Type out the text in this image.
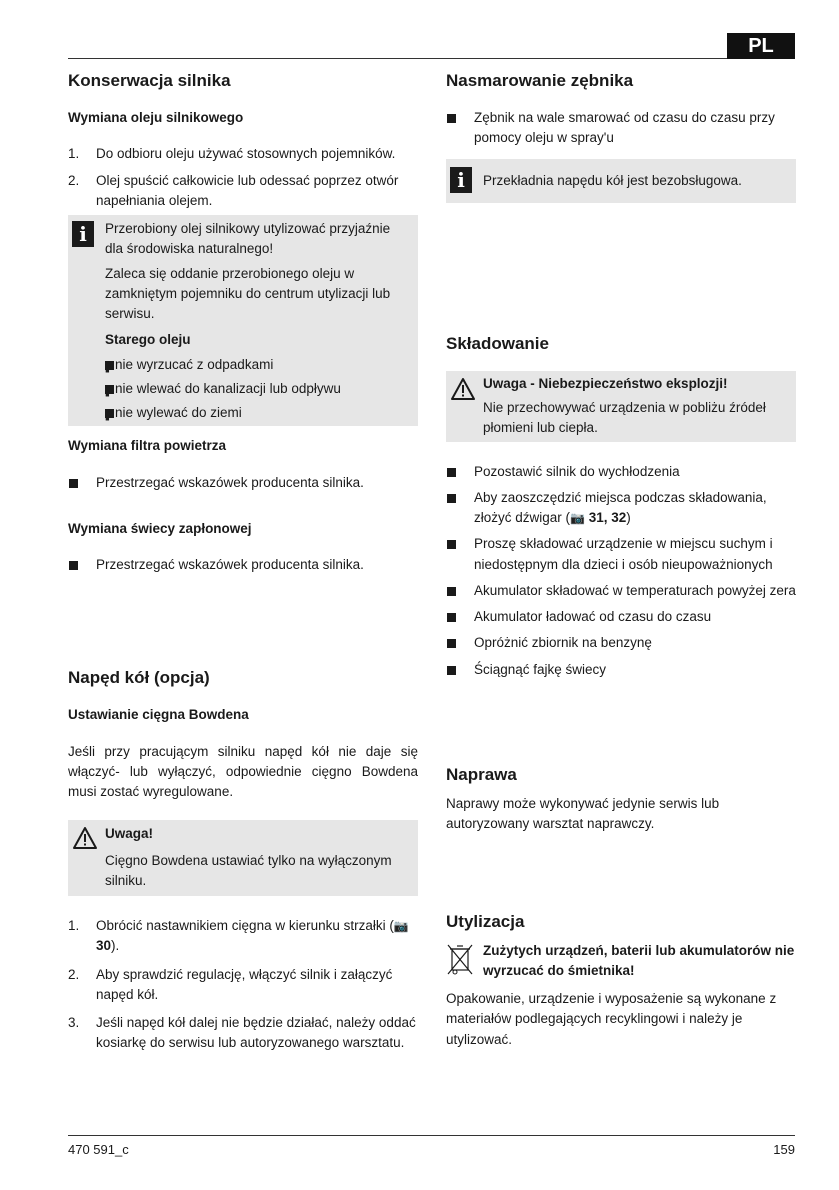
PL
Konserwacja silnika
Wymiana oleju silnikowego
1. Do odbioru oleju używać stosownych pojemników.
2. Olej spuścić całkowicie lub odessać poprzez otwór napełniania olejem.
i	Przerobiony olej silnikowy utylizować przyjaźnie dla środowiska naturalnego!

Zaleca się oddanie przerobionego oleju w zamkniętym pojemniku do centrum utylizacji lub serwisu.

Starego oleju

▪ nie wyrzucać z odpadkami
▪ nie wlewać do kanalizacji lub odpływu
▪ nie wylewać do ziemi
Wymiana filtra powietrza
Przestrzegać wskazówek producenta silnika.
Wymiana świecy zapłonowej
Przestrzegać wskazówek producenta silnika.
Napęd kół (opcja)
Ustawianie cięgna Bowdena

Jeśli przy pracującym silniku napęd kół nie daje się włączyć- lub wyłączyć, odpowiednie cięgno Bowdena musi zostać wyregulowane.

Uwaga!

Cięgno Bowdena ustawiać tylko na wyłączonym silniku.

1. Obrócić nastawnikiem cięgna w kierunku strzałki (📷 30).
2. Aby sprawdzić regulację, włączyć silnik i załączyć napęd kół.
3. Jeśli napęd kół dalej nie będzie działać, należy oddać kosiarkę do serwisu lub autoryzowanego warsztatu.
Nasmarowanie zębnika
Zębnik na wale smarować od czasu do czasu przy pomocy oleju w spray'u
i	Przekładnia napędu kół jest bezobsługowa.

Składowanie

Uwaga - Niebezpieczeństwo eksplozji!

Nie przechowywać urządzenia w pobliżu źródeł płomieni lub ciepła.

Pozostawić silnik do wychłodzenia
Aby zaoszczędzić miejsca podczas składowania, złożyć dźwigar (📷 31, 32)
Proszę składować urządzenie w miejscu suchym i niedostępnym dla dzieci i osób nieupoważnionych
Akumulator składować w temperaturach powyżej zera
Akumulator ładować od czasu do czasu
Opróżnić zbiornik na benzynę
Ściągnąć fajkę świecy
Naprawa

Naprawy może wykonywać jedynie serwis lub autoryzowany warsztat naprawczy.

Utylizacja

Zużytych urządzeń, baterii lub akumulatorów nie wyrzucać do śmietnika!

Opakowanie, urządzenie i wyposażenie są wykonane z materiałów podlegających recyklingowi i należy je utylizować.

470 591_c	159
